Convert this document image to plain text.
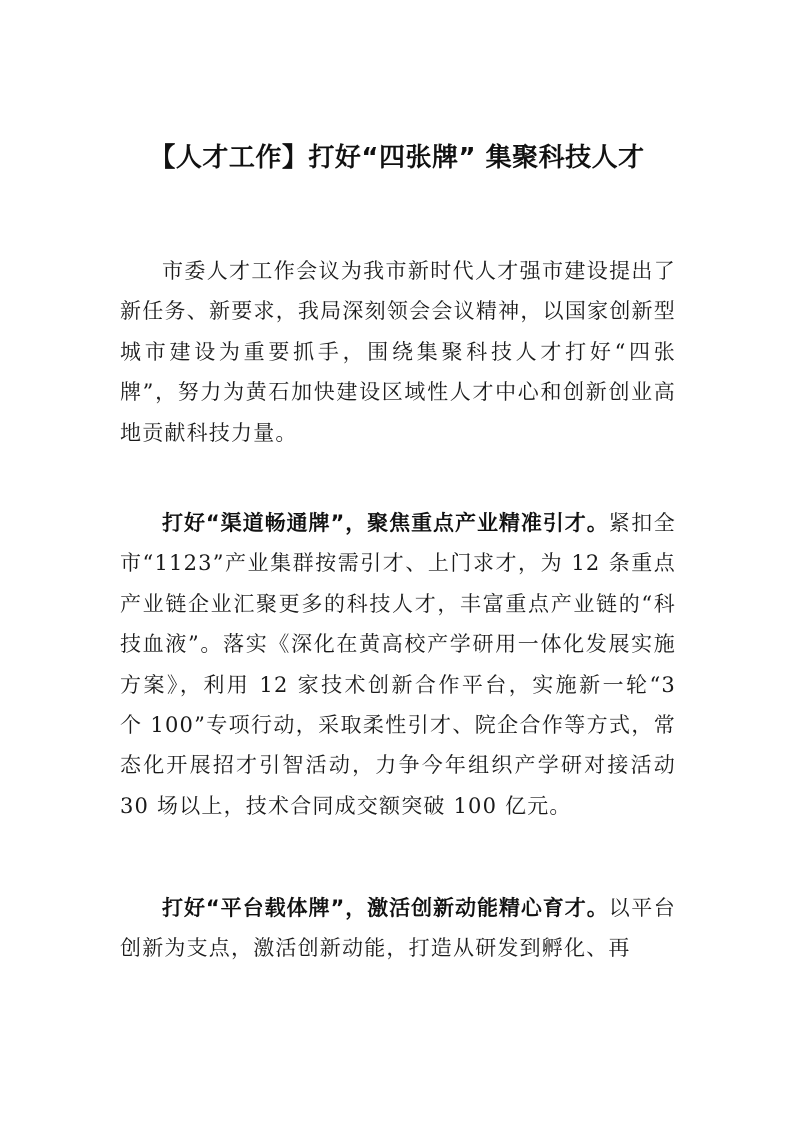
【人才工作】打好“四张牌” 集聚科技人才

市委人才工作会议为我市新时代人才强市建设提出了新任务、新要求，我局深刻领会会议精神，以国家创新型城市建设为重要抓手，围绕集聚科技人才打好“四张牌”，努力为黄石加快建设区域性人才中心和创新创业高地贡献科技力量。

打好“渠道畅通牌”，聚焦重点产业精准引才。紧扣全市“1123”产业集群按需引才、上门求才，为 12 条重点产业链企业汇聚更多的科技人才，丰富重点产业链的“科技血液”。落实《深化在黄高校产学研用一体化发展实施方案》，利用 12 家技术创新合作平台，实施新一轮“3 个 100”专项行动，采取柔性引才、院企合作等方式，常态化开展招才引智活动，力争今年组织产学研对接活动 30 场以上，技术合同成交额突破 100 亿元。

打好“平台载体牌”，激活创新动能精心育才。以平台创新为支点，激活创新动能，打造从研发到孵化、再
